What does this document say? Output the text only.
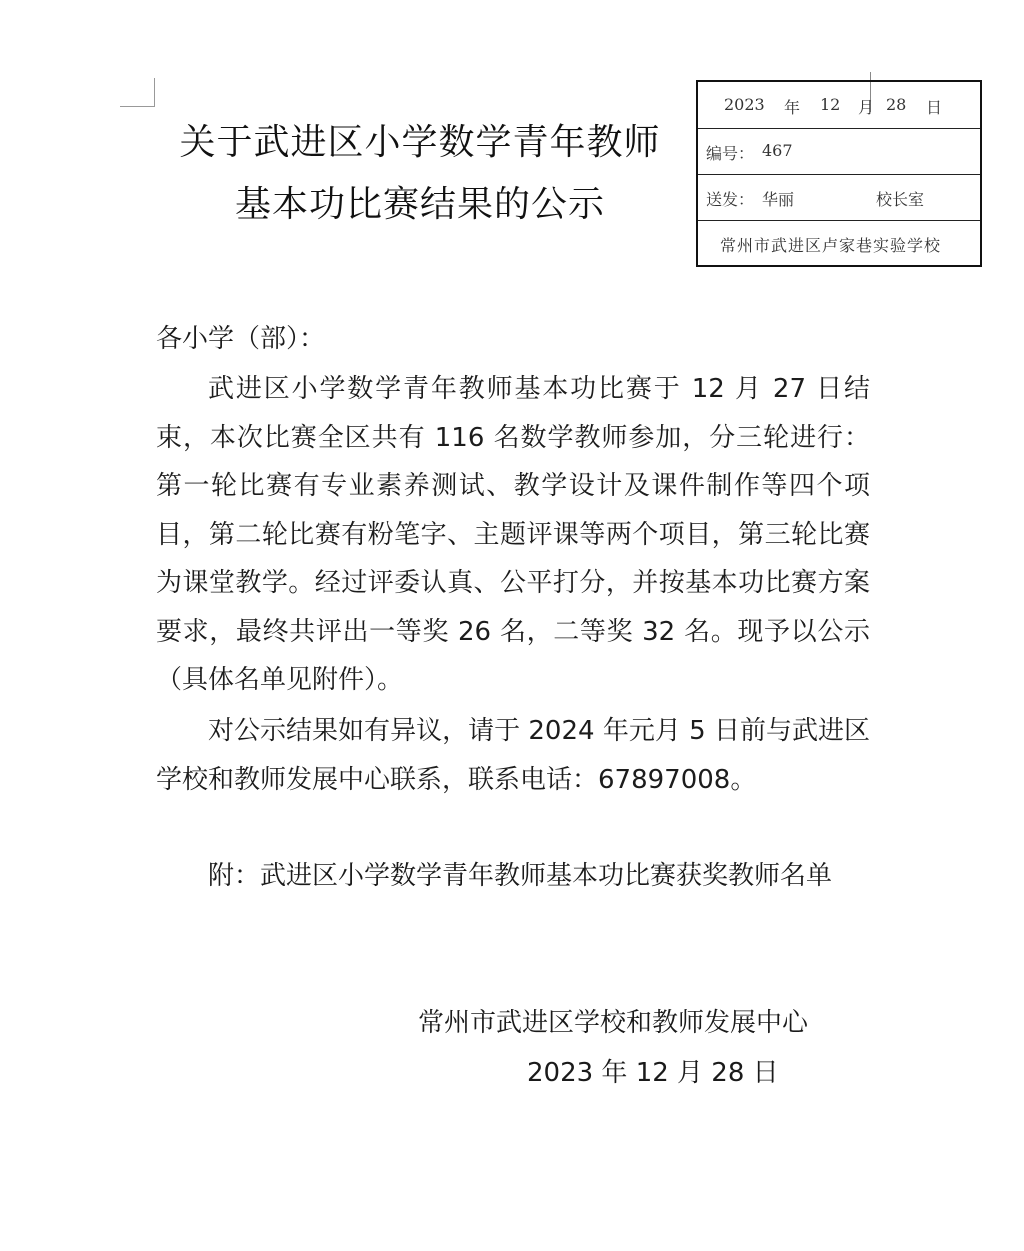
关于武进区小学数学青年教师
基本功比赛结果的公示
2023 年 12 月 28 日
编号： 467
送发： 华丽	校长室
常州市武进区卢家巷实验学校
各小学（部）：
武进区小学数学青年教师基本功比赛于 12 月 27 日结束，本次比赛全区共有 116 名数学教师参加，分三轮进行：第一轮比赛有专业素养测试、教学设计及课件制作等四个项目，第二轮比赛有粉笔字、主题评课等两个项目，第三轮比赛为课堂教学。经过评委认真、公平打分，并按基本功比赛方案要求，最终共评出一等奖 26 名，二等奖 32 名。现予以公示（具体名单见附件）。
对公示结果如有异议，请于 2024 年元月 5 日前与武进区学校和教师发展中心联系，联系电话：67897008。
附：武进区小学数学青年教师基本功比赛获奖教师名单
常州市武进区学校和教师发展中心
2023 年 12 月 28 日
